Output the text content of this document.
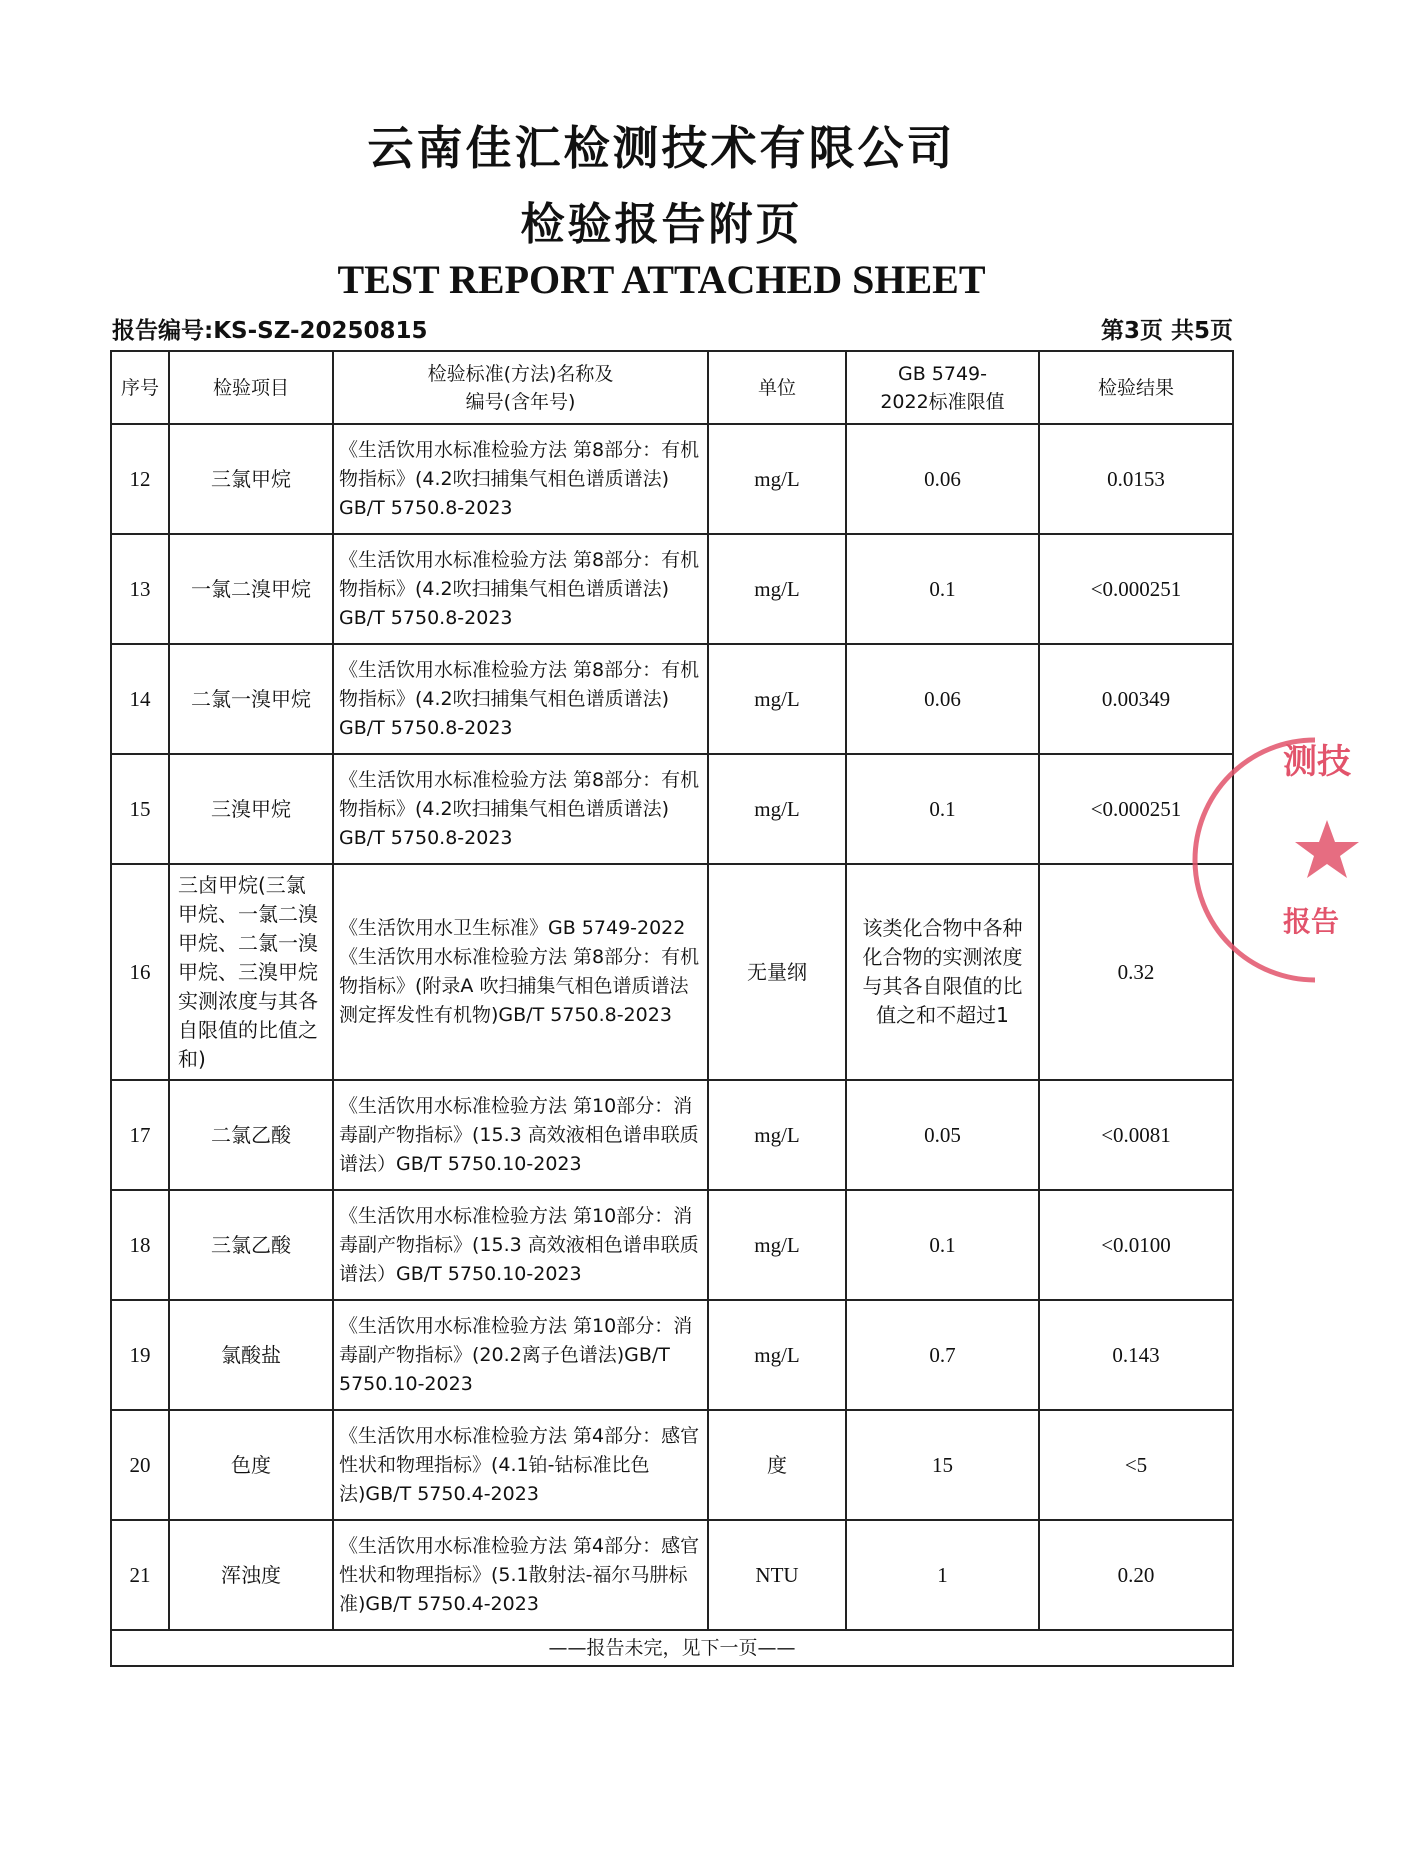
云南佳汇检测技术有限公司
检验报告附页
TEST REPORT ATTACHED SHEET
报告编号:KS-SZ-20250815	第3页 共5页
序号	检验项目	检验标准(方法)名称及编号(含年号)	单位	GB 5749-2022标准限值	检验结果
12	三氯甲烷	《生活饮用水标准检验方法 第8部分：有机物指标》(4.2吹扫捕集气相色谱质谱法) GB/T 5750.8-2023	mg/L	0.06	0.0153
13	一氯二溴甲烷	《生活饮用水标准检验方法 第8部分：有机物指标》(4.2吹扫捕集气相色谱质谱法) GB/T 5750.8-2023	mg/L	0.1	<0.000251
14	二氯一溴甲烷	《生活饮用水标准检验方法 第8部分：有机物指标》(4.2吹扫捕集气相色谱质谱法) GB/T 5750.8-2023	mg/L	0.06	0.00349
15	三溴甲烷	《生活饮用水标准检验方法 第8部分：有机物指标》(4.2吹扫捕集气相色谱质谱法) GB/T 5750.8-2023	mg/L	0.1	<0.000251
16	三卤甲烷(三氯甲烷、一氯二溴甲烷、二氯一溴甲烷、三溴甲烷实测浓度与其各自限值的比值之和)	《生活饮用水卫生标准》GB 5749-2022《生活饮用水标准检验方法 第8部分：有机物指标》(附录A 吹扫捕集气相色谱质谱法测定挥发性有机物)GB/T 5750.8-2023	无量纲	该类化合物中各种化合物的实测浓度与其各自限值的比值之和不超过1	0.32
17	二氯乙酸	《生活饮用水标准检验方法 第10部分：消毒副产物指标》(15.3 高效液相色谱串联质谱法）GB/T 5750.10-2023	mg/L	0.05	<0.0081
18	三氯乙酸	《生活饮用水标准检验方法 第10部分：消毒副产物指标》(15.3 高效液相色谱串联质谱法）GB/T 5750.10-2023	mg/L	0.1	<0.0100
19	氯酸盐	《生活饮用水标准检验方法 第10部分：消毒副产物指标》(20.2离子色谱法)GB/T 5750.10-2023	mg/L	0.7	0.143
20	色度	《生活饮用水标准检验方法 第4部分：感官性状和物理指标》(4.1铂-钴标准比色法)GB/T 5750.4-2023	度	15	<5
21	浑浊度	《生活饮用水标准检验方法 第4部分：感官性状和物理指标》(5.1散射法-福尔马肼标准)GB/T 5750.4-2023	NTU	1	0.20
——报告未完，见下一页——					
测技
报告
